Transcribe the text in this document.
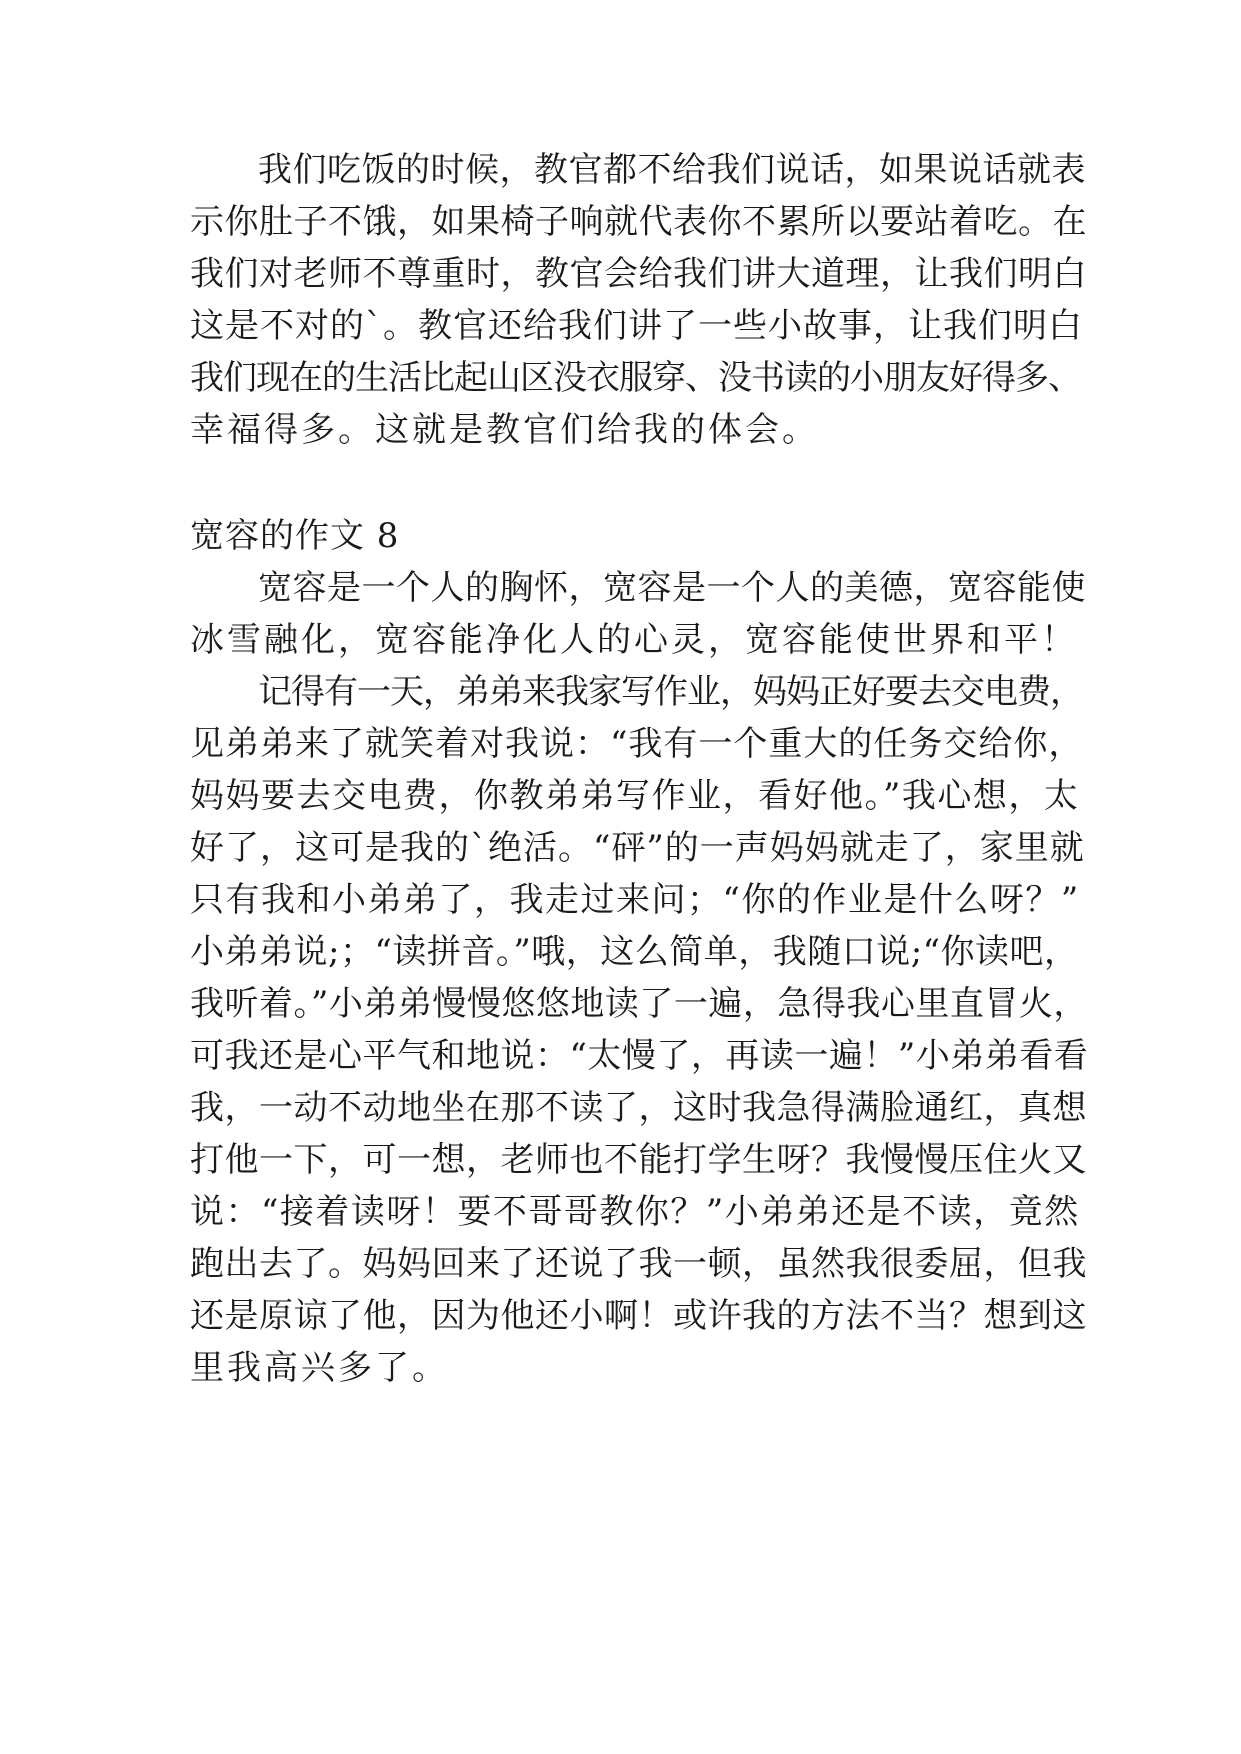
我们吃饭的时候，教官都不给我们说话，如果说话就表
示你肚子不饿，如果椅子响就代表你不累所以要站着吃。在
我们对老师不尊重时，教官会给我们讲大道理，让我们明白
这是不对的`。教官还给我们讲了一些小故事，让我们明白
我们现在的生活比起山区没衣服穿、没书读的小朋友好得多、
幸福得多。这就是教官们给我的体会。
宽容的作文 8
宽容是一个人的胸怀，宽容是一个人的美德，宽容能使
冰雪融化，宽容能净化人的心灵，宽容能使世界和平！
记得有一天，弟弟来我家写作业，妈妈正好要去交电费，
见弟弟来了就笑着对我说：“我有一个重大的任务交给你，
妈妈要去交电费，你教弟弟写作业，看好他。”我心想，太
好了，这可是我的`绝活。“砰”的一声妈妈就走了，家里就
只有我和小弟弟了，我走过来问；“你的作业是什么呀？”
小弟弟说;；“读拼音。”哦，这么简单，我随口说;“你读吧，
我听着。”小弟弟慢慢悠悠地读了一遍，急得我心里直冒火，
可我还是心平气和地说：“太慢了，再读一遍！”小弟弟看看
我，一动不动地坐在那不读了，这时我急得满脸通红，真想
打他一下，可一想，老师也不能打学生呀？我慢慢压住火又
说：“接着读呀！要不哥哥教你？”小弟弟还是不读，竟然
跑出去了。妈妈回来了还说了我一顿，虽然我很委屈，但我
还是原谅了他，因为他还小啊！或许我的方法不当？想到这
里我高兴多了。
